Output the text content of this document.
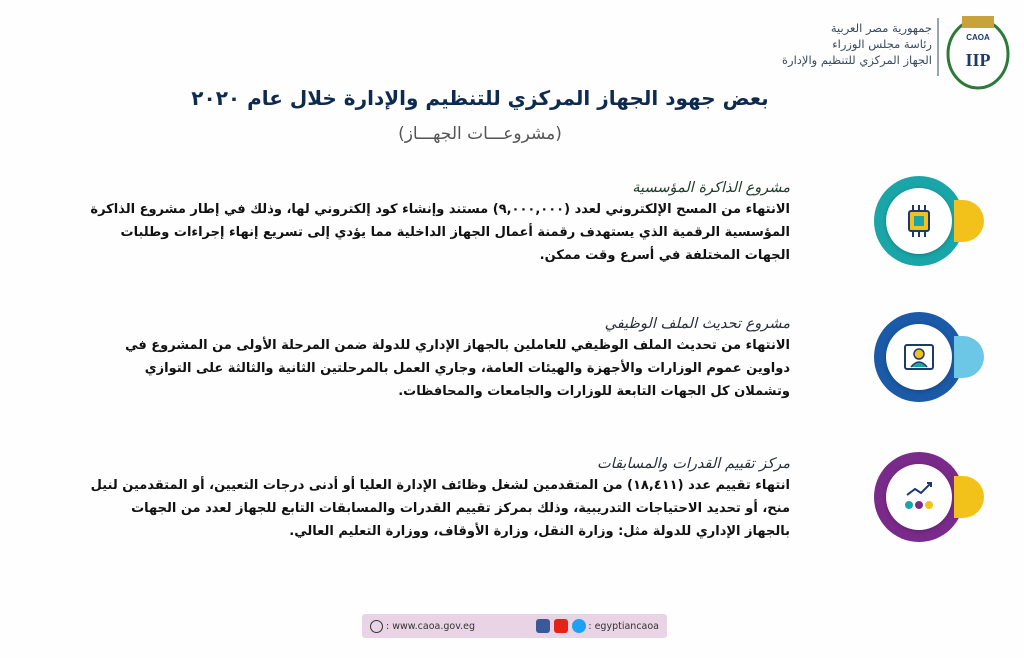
جمهورية مصر العربية
رئاسة مجلس الوزراء
الجهاز المركزي للتنظيم والإدارة IIP
CAOA
بعض جهود الجهاز المركزي للتنظيم والإدارة خلال عام ٢٠٢٠
(مشروعـــات الجهـــاز)
مشروع الذاكرة المؤسسية
الانتهاء من المسح الإلكتروني لعدد (٩,٠٠٠,٠٠٠) مستند وإنشاء كود إلكتروني لها، وذلك في إطار مشروع الذاكرة المؤسسية الرقمية الذي يستهدف رقمنة أعمال الجهاز الداخلية مما يؤدي إلى تسريع إنهاء إجراءات وطلبات الجهات المختلفة في أسرع وقت ممكن.
مشروع تحديث الملف الوظيفي
الانتهاء من تحديث الملف الوظيفي للعاملين بالجهاز الإداري للدولة ضمن المرحلة الأولى من المشروع في دواوين عموم الوزارات والأجهزة والهيئات العامة، وجاري العمل بالمرحلتين الثانية والثالثة على التوازي وتشملان كل الجهات التابعة للوزارات والجامعات والمحافظات.
مركز تقييم القدرات والمسابقات
انتهاء تقييم عدد (١٨,٤١١) من المتقدمين لشغل وظائف الإدارة العليا أو أدنى درجات التعيين، أو المتقدمين لنيل منح، أو تحديد الاحتياجات التدريبية، وذلك بمركز تقييم القدرات والمسابقات التابع للجهاز لعدد من الجهات بالجهاز الإداري للدولة مثل: وزارة النقل، وزارة الأوقاف، ووزارة التعليم العالي.
: www.caoa.gov.eg	: egyptiancaoa
